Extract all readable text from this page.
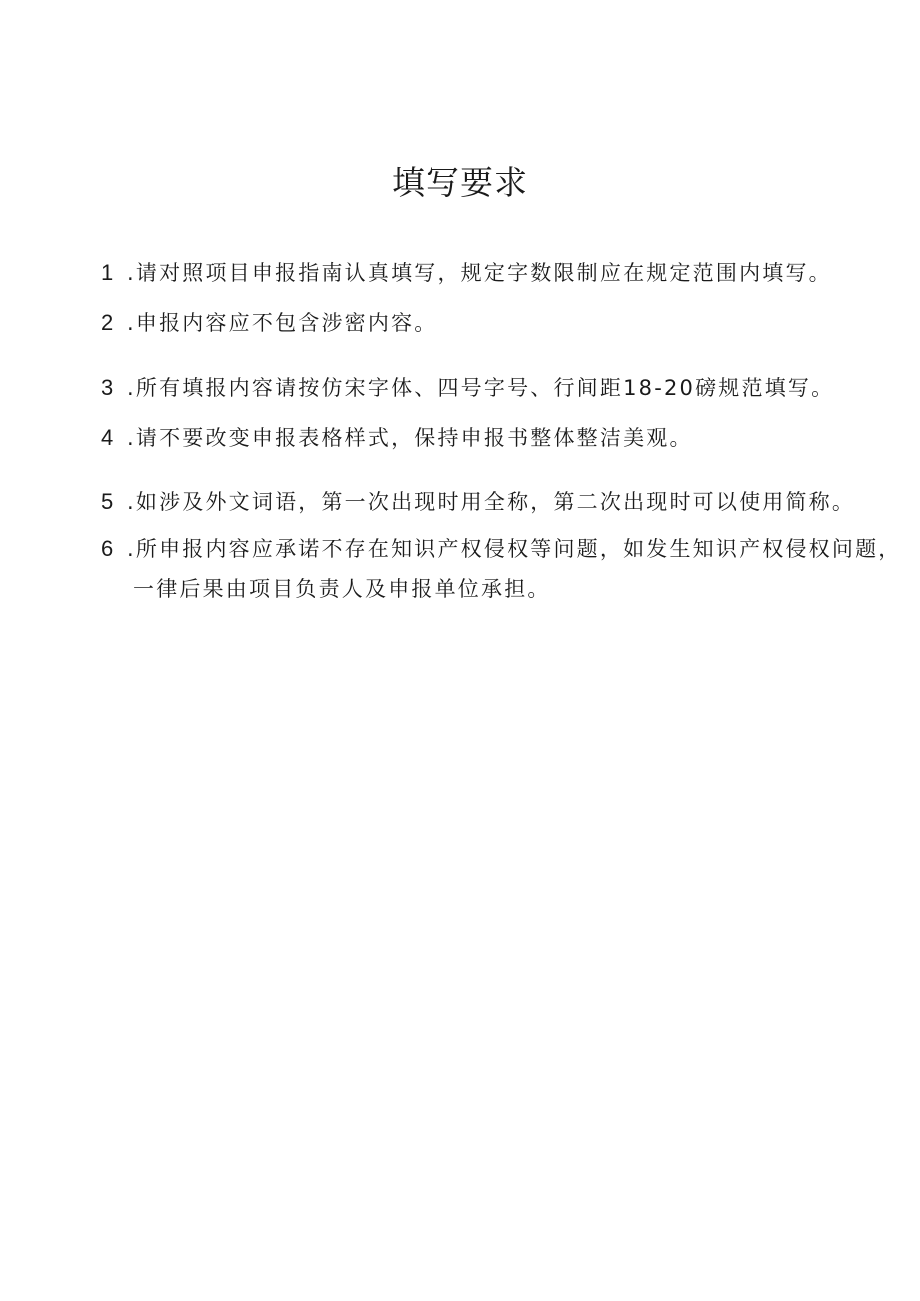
填写要求
1 .请对照项目申报指南认真填写，规定字数限制应在规定范围内填写。
2 .申报内容应不包含涉密内容。
3 .所有填报内容请按仿宋字体、四号字号、行间距18-20磅规范填写。
4 .请不要改变申报表格样式，保持申报书整体整洁美观。
5 .如涉及外文词语，第一次出现时用全称，第二次出现时可以使用简称。
6 .所申报内容应承诺不存在知识产权侵权等问题，如发生知识产权侵权问题，
一律后果由项目负责人及申报单位承担。
